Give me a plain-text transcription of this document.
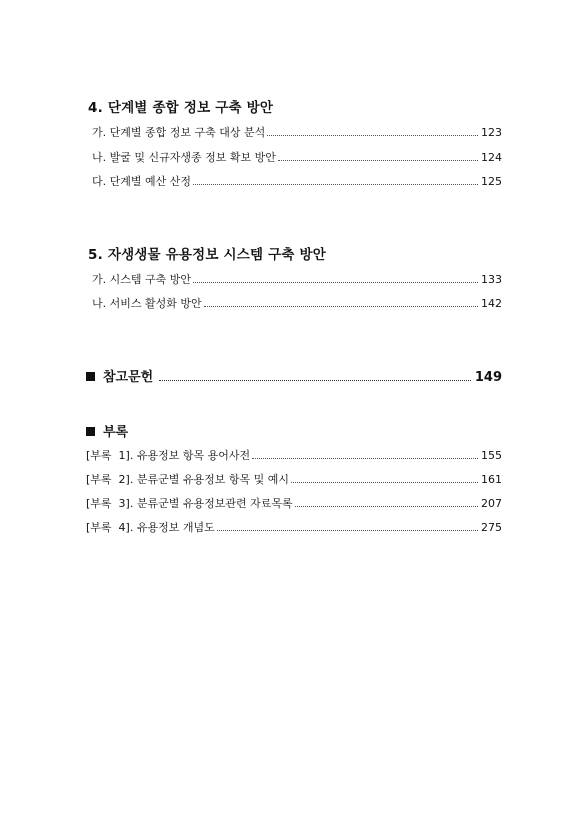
4. 단계별 종합 정보 구축 방안
가. 단계별 종합 정보 구축 대상 분석	123
나. 발굴 및 신규자생종 정보 확보 방안	124
다. 단계별 예산 산정	125
5. 자생생물 유용정보 시스템 구축 방안
가. 시스템 구축 방안	133
나. 서비스 활성화 방안	142
참고문헌	149
부록
[부록  1]. 유용정보 항목 용어사전	155
[부록  2]. 분류군별 유용정보 항목 및 예시	161
[부록  3]. 분류군별 유용정보관련 자료목록	207
[부록  4]. 유용정보 개념도	275
